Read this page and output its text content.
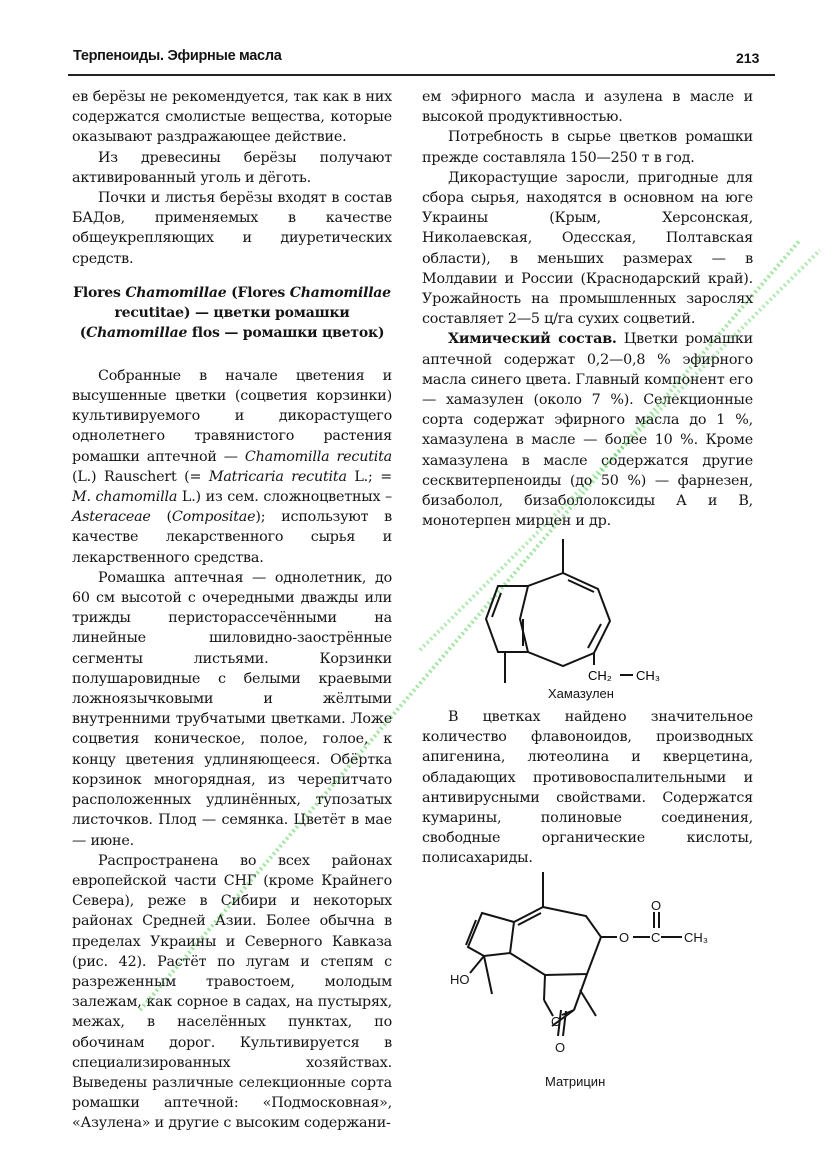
Терпеноиды. Эфирные масла	213

ев берёзы не рекомендуется, так как в них содержатся смолистые вещества, которые оказывают раздражающее действие.

Из древесины берёзы получают активированный уголь и дёготь.

Почки и листья берёзы входят в состав БАДов, применяемых в качестве общеукрепляющих и диуретических средств.

Flores Chamomillae (Flores Chamomillae
recutitae) — цветки ромашки
(Chamomillae flos — ромашки цветок)

Собранные в начале цветения и высушенные цветки (соцветия корзинки) культивируемого и дикорастущего однолетнего травянистого растения ромашки аптечной — Chamomilla recutita (L.) Rauschert (= Matricaria recutita L.; = M. chamomilla L.) из сем. сложноцветных – Asteraceae (Compositae); используют в качестве лекарственного сырья и лекарственного средства.

Ромашка аптечная — однолетник, до 60 см высотой с очередными дважды или трижды перисторассечёнными на линейные шиловидно-заострённые сегменты листьями. Корзинки полушаровидные с белыми краевыми ложноязычковыми и жёлтыми внутренними трубчатыми цветками. Ложе соцветия коническое, полое, голое, к концу цветения удлиняющееся. Обёртка корзинок многорядная, из черепитчато расположенных удлинённых, тупозатых листочков. Плод — семянка. Цветёт в мае — июне.

Распространена во всех районах европейской части СНГ (кроме Крайнего Севера), реже в Сибири и некоторых районах Средней Азии. Более обычна в пределах Украины и Северного Кавказа (рис. 42). Растёт по лугам и степям с разреженным травостоем, молодым залежам, как сорное в садах, на пустырях, межах, в населённых пунктах, по обочинам дорог. Культивируется в специализированных хозяйствах. Выведены различные селекционные сорта ромашки аптечной: «Подмосковная», «Азулена» и другие с высоким содержани-

ем эфирного масла и азулена в масле и высокой продуктивностью.

Потребность в сырье цветков ромашки прежде составляла 150—250 т в год.

Дикорастущие заросли, пригодные для сбора сырья, находятся в основном на юге Украины (Крым, Херсонская, Николаевская, Одесская, Полтавская области), в меньших размерах — в Молдавии и России (Краснодарский край). Урожайность на промышленных зарослях составляет 2—5 ц/га сухих соцветий.

Химический состав. Цветки ромашки аптечной содержат 0,2—0,8 % эфирного масла синего цвета. Главный компонент его — хамазулен (около 7 %). Селекционные сорта содержат эфирного масла до 1 %, хамазулена в масле — более 10 %. Кроме хамазулена в масле содержатся другие сесквитерпеноиды (до 50 %) — фарнезен, бизаболол, бизабололоксиды А и В, монотерпен мирцен и др.

CH₂ CH₃
Хамазулен

В цветках найдено значительное количество флавоноидов, производных апигенина, лютеолина и кверцетина, обладающих противовоспалительными и антивирусными свойствами. Содержатся кумарины, полиновые соединения, свободные органические кислоты, полисахариды.

HO
O
O
O C
O
CH₃
Матрицин
